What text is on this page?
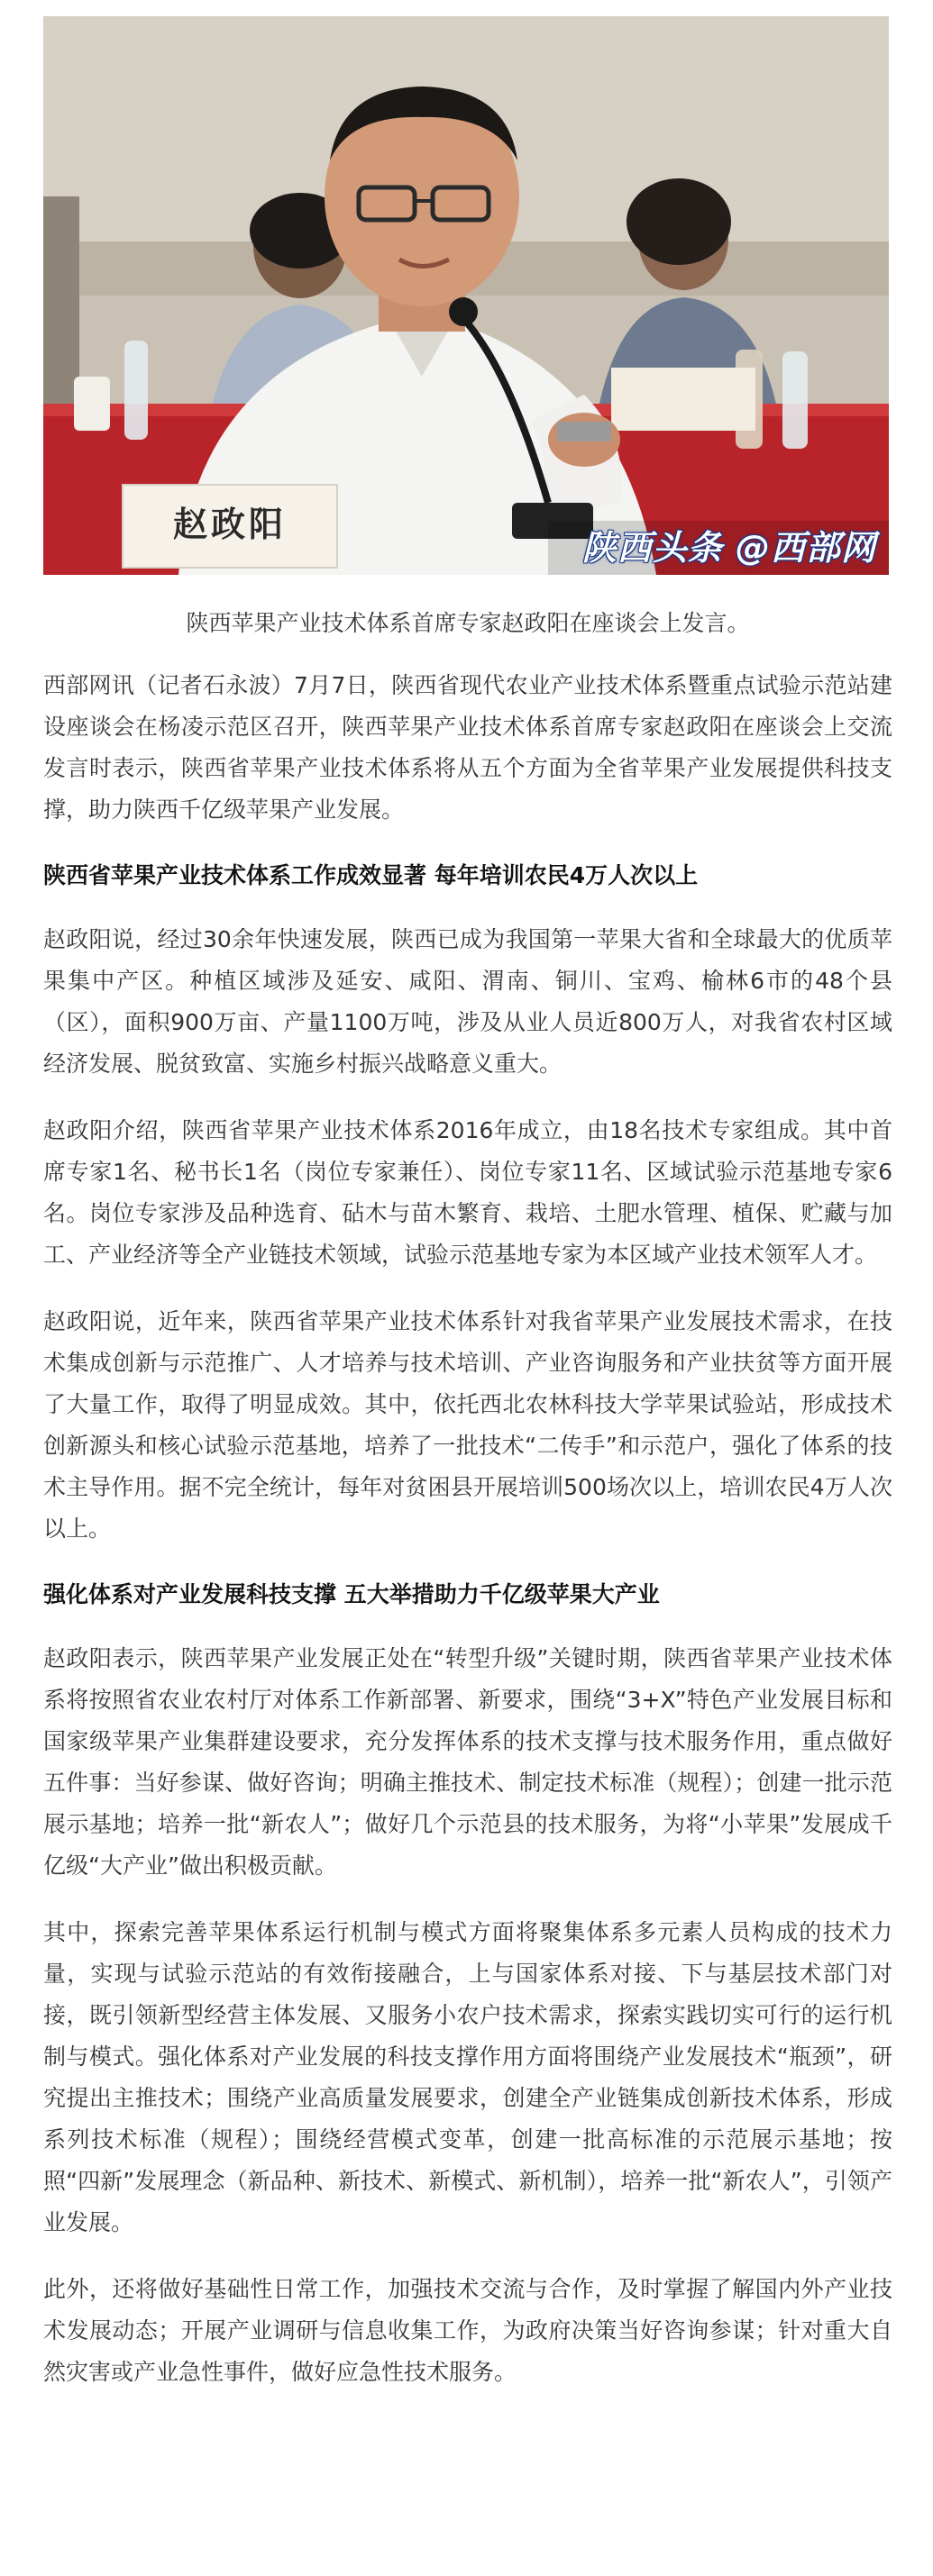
赵政阳
陕西头条 @西部网
陕西苹果产业技术体系首席专家赵政阳在座谈会上发言。

西部网讯（记者石永波）7月7日，陕西省现代农业产业技术体系暨重点试验示范站建设座谈会在杨凌示范区召开，陕西苹果产业技术体系首席专家赵政阳在座谈会上交流发言时表示，陕西省苹果产业技术体系将从五个方面为全省苹果产业发展提供科技支撑，助力陕西千亿级苹果产业发展。

陕西省苹果产业技术体系工作成效显著 每年培训农民4万人次以上

赵政阳说，经过30余年快速发展，陕西已成为我国第一苹果大省和全球最大的优质苹果集中产区。种植区域涉及延安、咸阳、渭南、铜川、宝鸡、榆林6市的48个县（区），面积900万亩、产量1100万吨，涉及从业人员近800万人，对我省农村区域经济发展、脱贫致富、实施乡村振兴战略意义重大。

赵政阳介绍，陕西省苹果产业技术体系2016年成立，由18名技术专家组成。其中首席专家1名、秘书长1名（岗位专家兼任）、岗位专家11名、区域试验示范基地专家6名。岗位专家涉及品种选育、砧木与苗木繁育、栽培、土肥水管理、植保、贮藏与加工、产业经济等全产业链技术领域，试验示范基地专家为本区域产业技术领军人才。

赵政阳说，近年来，陕西省苹果产业技术体系针对我省苹果产业发展技术需求，在技术集成创新与示范推广、人才培养与技术培训、产业咨询服务和产业扶贫等方面开展了大量工作，取得了明显成效。其中，依托西北农林科技大学苹果试验站，形成技术创新源头和核心试验示范基地，培养了一批技术“二传手”和示范户，强化了体系的技术主导作用。据不完全统计，每年对贫困县开展培训500场次以上，培训农民4万人次以上。

强化体系对产业发展科技支撑 五大举措助力千亿级苹果大产业

赵政阳表示，陕西苹果产业发展正处在“转型升级”关键时期，陕西省苹果产业技术体系将按照省农业农村厅对体系工作新部署、新要求，围绕“3+X”特色产业发展目标和国家级苹果产业集群建设要求，充分发挥体系的技术支撑与技术服务作用，重点做好五件事：当好参谋、做好咨询；明确主推技术、制定技术标准（规程）；创建一批示范展示基地；培养一批“新农人”；做好几个示范县的技术服务，为将“小苹果”发展成千亿级“大产业”做出积极贡献。

其中，探索完善苹果体系运行机制与模式方面将聚集体系多元素人员构成的技术力量，实现与试验示范站的有效衔接融合，上与国家体系对接、下与基层技术部门对接，既引领新型经营主体发展、又服务小农户技术需求，探索实践切实可行的运行机制与模式。强化体系对产业发展的科技支撑作用方面将围绕产业发展技术“瓶颈”，研究提出主推技术；围绕产业高质量发展要求，创建全产业链集成创新技术体系，形成系列技术标准（规程）；围绕经营模式变革，创建一批高标准的示范展示基地；按照“四新”发展理念（新品种、新技术、新模式、新机制），培养一批“新农人”，引领产业发展。

此外，还将做好基础性日常工作，加强技术交流与合作，及时掌握了解国内外产业技术发展动态；开展产业调研与信息收集工作，为政府决策当好咨询参谋；针对重大自然灾害或产业急性事件，做好应急性技术服务。
